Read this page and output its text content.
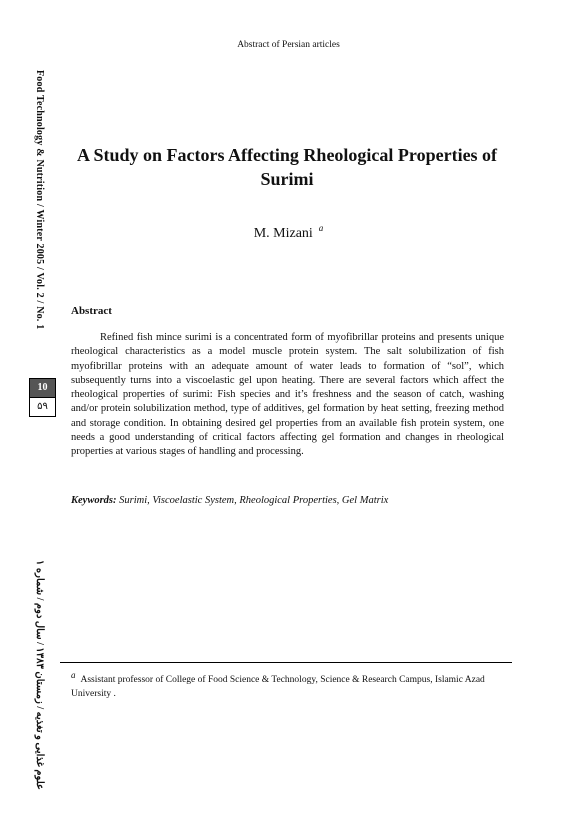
Abstract of Persian articles
Food Technology & Nutrition / Winter 2005 / Vol. 2 / No. 1
10
۵۹
علوم غذایی و تغذیه / زمستان ۱۳۸۳ / سال دوم / شماره ۱
A Study on Factors Affecting Rheological Properties of Surimi
M. Mizani $^a$
Abstract

Refined fish mince surimi is a concentrated form of myofibrillar proteins and presents unique rheological characteristics as a model muscle protein system. The salt solubilization of fish myofibrillar proteins with an adequate amount of water leads to formation of “sol”, which subsequently turns into a viscoelastic gel upon heating. There are several factors which affect the rheological properties of surimi: Fish species and it’s freshness and the season of catch, washing and/or protein solubilization method, type of additives, gel formation by heat setting, freezing method and storage condition. In obtaining desired gel properties from an available fish protein system, one needs a good understanding of critical factors affecting gel formation and changes in rheological properties at various stages of handling and processing.

Keywords: Surimi, Viscoelastic System, Rheological Properties, Gel Matrix
$^a$Assistant professor of College of Food Science & Technology, Science & Research Campus, Islamic Azad University .
